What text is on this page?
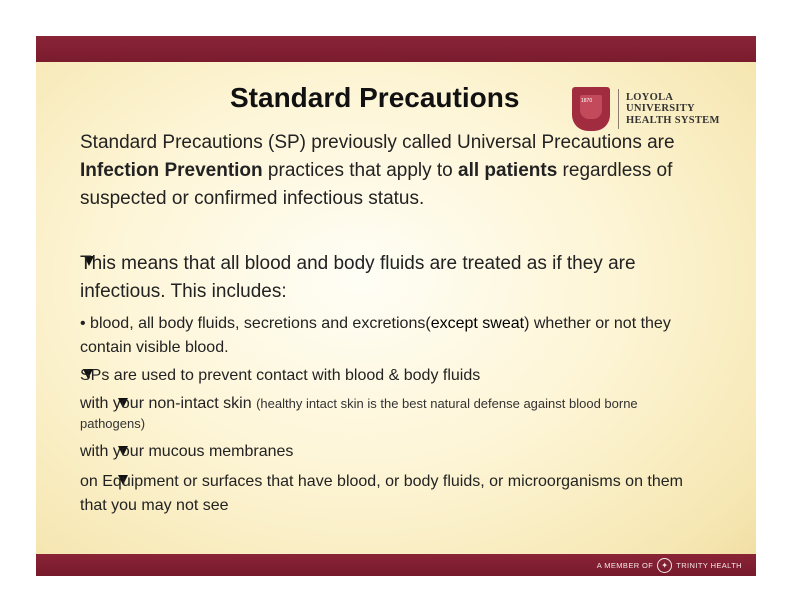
Standard Precautions	1870	LOYOLA
UNIVERSITY
HEALTH SYSTEM
A MEMBER OF ✦	TRINITY HEALTH
Standard Precautions (SP) previously called Universal Precautions are Infection Prevention practices that apply to all patients regardless of suspected or confirmed infectious status.
This means that all blood and body fluids are treated as if they are infectious. This includes:
• blood, all body fluids, secretions and excretions(except sweat) whether or not they contain visible blood.
SPs are used to prevent contact with blood & body fluids
with your non-intact skin (healthy intact skin is the best natural defense against blood borne pathogens)
with your mucous membranes
on Equipment or surfaces that have blood, or body fluids, or microorganisms on them that you may not see
